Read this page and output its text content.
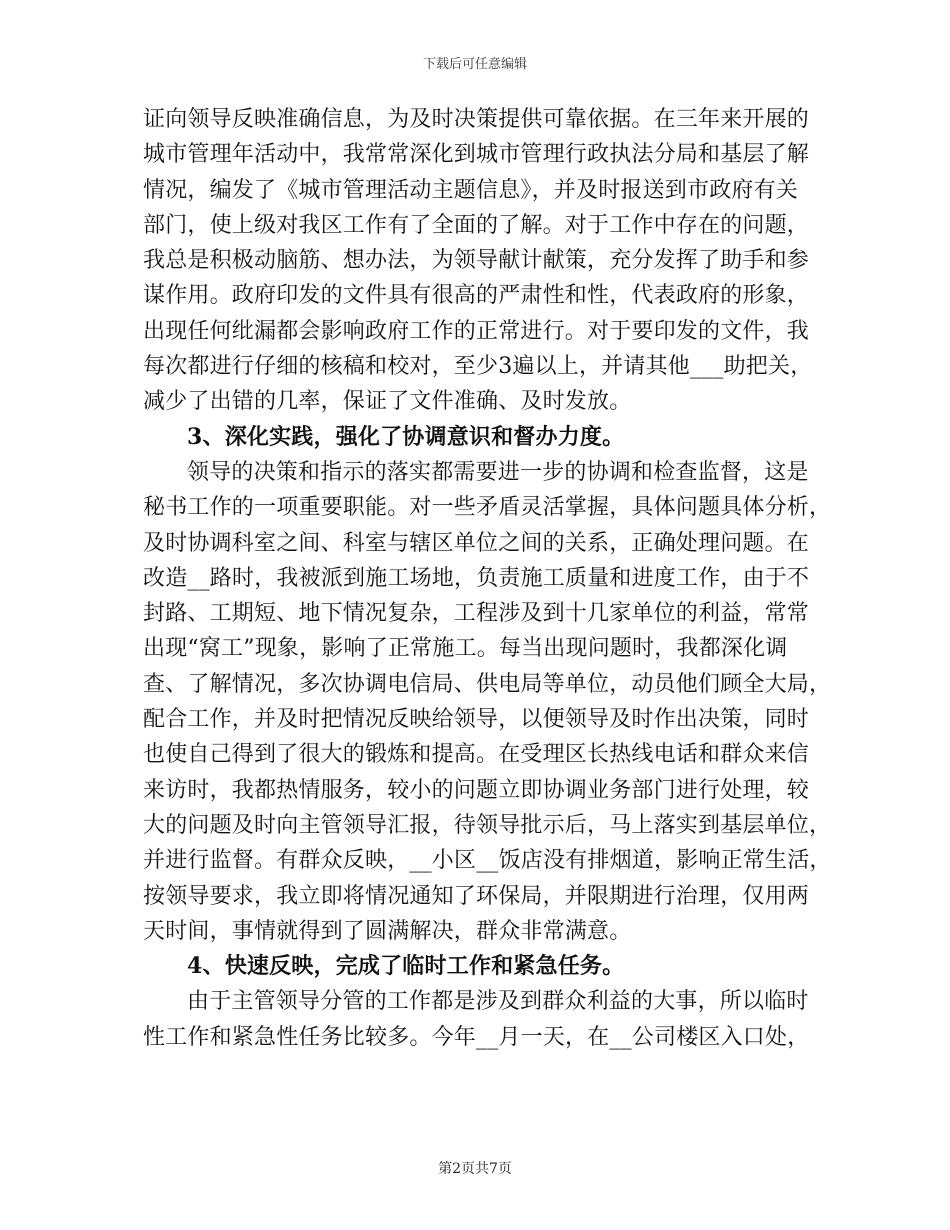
下载后可任意编辑
证向领导反映准确信息，为及时决策提供可靠依据。在三年来开展的
城市管理年活动中，我常常深化到城市管理行政执法分局和基层了解
情况，编发了《城市管理活动主题信息》，并及时报送到市政府有关
部门，使上级对我区工作有了全面的了解。对于工作中存在的问题，
我总是积极动脑筋、想办法，为领导献计献策，充分发挥了助手和参
谋作用。政府印发的文件具有很高的严肃性和性，代表政府的形象，
出现任何纰漏都会影响政府工作的正常进行。对于要印发的文件，我
每次都进行仔细的核稿和校对，至少3遍以上，并请其他___助把关，
减少了出错的几率，保证了文件准确、及时发放。
3、深化实践，强化了协调意识和督办力度。
领导的决策和指示的落实都需要进一步的协调和检查监督，这是
秘书工作的一项重要职能。对一些矛盾灵活掌握，具体问题具体分析，
及时协调科室之间、科室与辖区单位之间的关系，正确处理问题。在
改造__路时，我被派到施工场地，负责施工质量和进度工作，由于不
封路、工期短、地下情况复杂，工程涉及到十几家单位的利益，常常
出现“窝工”现象，影响了正常施工。每当出现问题时，我都深化调
查、了解情况，多次协调电信局、供电局等单位，动员他们顾全大局，
配合工作，并及时把情况反映给领导，以便领导及时作出决策，同时
也使自己得到了很大的锻炼和提高。在受理区长热线电话和群众来信
来访时，我都热情服务，较小的问题立即协调业务部门进行处理，较
大的问题及时向主管领导汇报，待领导批示后，马上落实到基层单位，
并进行监督。有群众反映，__小区__饭店没有排烟道，影响正常生活，
按领导要求，我立即将情况通知了环保局，并限期进行治理，仅用两
天时间，事情就得到了圆满解决，群众非常满意。
4、快速反映，完成了临时工作和紧急任务。
由于主管领导分管的工作都是涉及到群众利益的大事，所以临时
性工作和紧急性任务比较多。今年__月一天，在__公司楼区入口处，
第2页共7页
